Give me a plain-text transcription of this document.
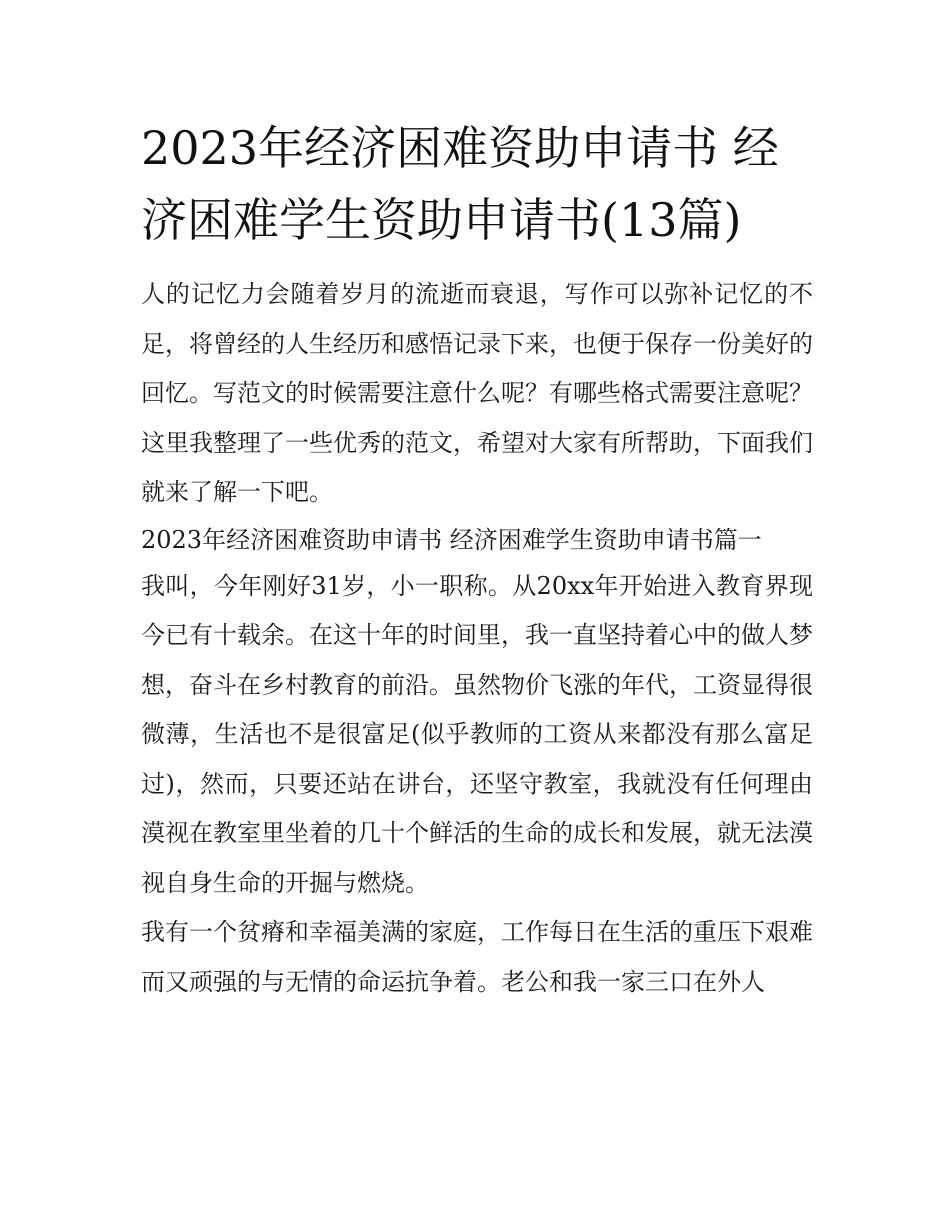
2023年经济困难资助申请书 经济困难学生资助申请书(13篇)

人的记忆力会随着岁月的流逝而衰退，写作可以弥补记忆的不足，将曾经的人生经历和感悟记录下来，也便于保存一份美好的回忆。写范文的时候需要注意什么呢？有哪些格式需要注意呢？这里我整理了一些优秀的范文，希望对大家有所帮助，下面我们就来了解一下吧。

2023年经济困难资助申请书 经济困难学生资助申请书篇一

我叫，今年刚好31岁，小一职称。从20xx年开始进入教育界现今已有十载余。在这十年的时间里，我一直坚持着心中的做人梦想，奋斗在乡村教育的前沿。虽然物价飞涨的年代，工资显得很微薄，生活也不是很富足(似乎教师的工资从来都没有那么富足过)，然而，只要还站在讲台，还坚守教室，我就没有任何理由漠视在教室里坐着的几十个鲜活的生命的成长和发展，就无法漠视自身生命的开掘与燃烧。

我有一个贫瘠和幸福美满的家庭，工作每日在生活的重压下艰难而又顽强的与无情的命运抗争着。老公和我一家三口在外人
